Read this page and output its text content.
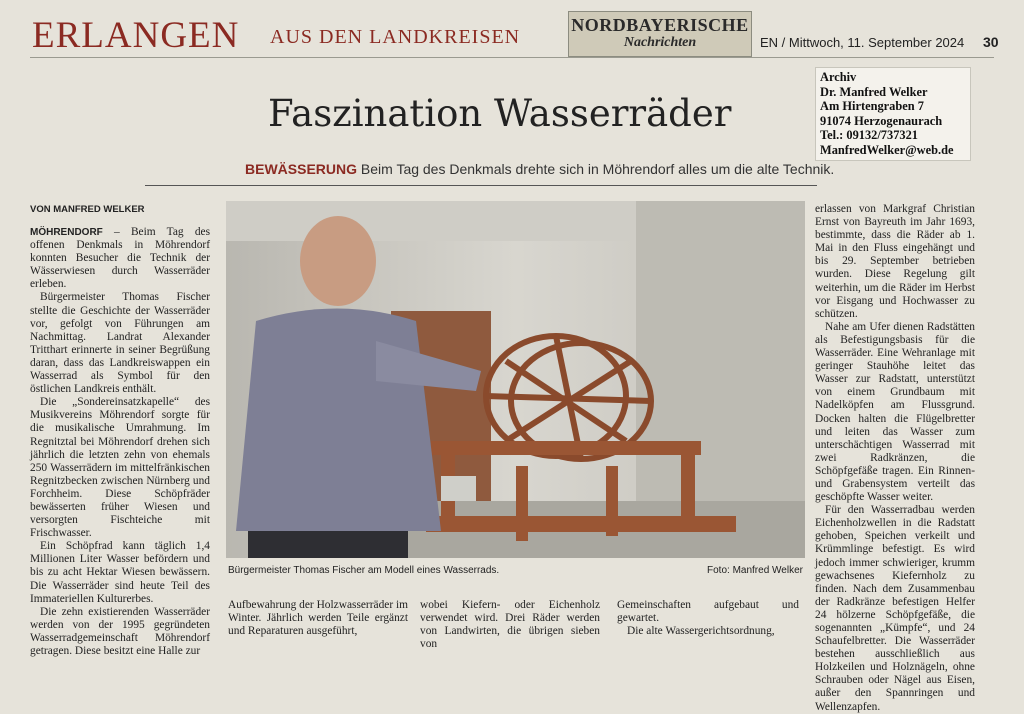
ERLANGEN AUS DEN LANDKREISEN
NORDBAYERISCHE
Nachrichten	EN / Mittwoch, 11. September 2024 30
Archiv
Dr. Manfred Welker
Am Hirtengraben 7
91074 Herzogenaurach
Tel.: 09132/737321
ManfredWelker@web.de
Faszination Wasserräder
BEWÄSSERUNG Beim Tag des Denkmals drehte sich in Möhrendorf alles um die alte Technik.
VON MANFRED WELKER

MÖHRENDORF – Beim Tag des offenen Denkmals in Möhrendorf konnten Besucher die Technik der Wässerwiesen durch Wasserräder erleben.

Bürgermeister Thomas Fischer stellte die Geschichte der Wasserräder vor, gefolgt von Führungen am Nachmittag. Landrat Alexander Tritthart erinnerte in seiner Begrüßung daran, dass das Landkreiswappen ein Wasserrad als Symbol für den östlichen Landkreis enthält.

Die „Sondereinsatzkapelle“ des Musikvereins Möhrendorf sorgte für die musikalische Umrahmung. Im Regnitztal bei Möhrendorf drehen sich jährlich die letzten zehn von ehemals 250 Wasserrädern im mittelfränkischen Regnitzbecken zwischen Nürnberg und Forchheim. Diese Schöpfräder bewässerten früher Wiesen und versorgten Fischteiche mit Frischwasser.

Ein Schöpfrad kann täglich 1,4 Millionen Liter Wasser befördern und bis zu acht Hektar Wiesen bewässern. Die Wasserräder sind heute Teil des Immateriellen Kulturerbes.

Die zehn existierenden Wasserräder werden von der 1995 gegründeten Wasserradgemeinschaft Möhrendorf getragen. Diese besitzt eine Halle zur

Bürgermeister Thomas Fischer am Modell eines Wasserrads.	Foto: Manfred Welker

Aufbewahrung der Holzwasserräder im Winter. Jährlich werden Teile ergänzt und Reparaturen ausgeführt,

wobei Kiefern- oder Eichenholz verwendet wird. Drei Räder werden von Landwirten, die übrigen sieben von

Gemeinschaften aufgebaut und gewartet.

Die alte Wassergerichtsordnung,

erlassen von Markgraf Christian Ernst von Bayreuth im Jahr 1693, bestimmte, dass die Räder ab 1. Mai in den Fluss eingehängt und bis 29. September betrieben wurden. Diese Regelung gilt weiterhin, um die Räder im Herbst vor Eisgang und Hochwasser zu schützen.

Nahe am Ufer dienen Radstätten als Befestigungsbasis für die Wasserräder. Eine Wehranlage mit geringer Stauhöhe leitet das Wasser zur Radstatt, unterstützt von einem Grundbaum mit Nadelköpfen am Flussgrund. Docken halten die Flügelbretter und leiten das Wasser zum unterschächtigen Wasserrad mit zwei Radkränzen, die Schöpfgefäße tragen. Ein Rinnen- und Grabensystem verteilt das geschöpfte Wasser weiter.

Für den Wasserradbau werden Eichenholzwellen in die Radstatt gehoben, Speichen verkeilt und Krümmlinge befestigt. Es wird jedoch immer schwieriger, krumm gewachsenes Kiefernholz zu finden. Nach dem Zusammenbau der Radkränze befestigen Helfer 24 hölzerne Schöpfgefäße, die sogenannten „Kümpfe“, und 24 Schaufelbretter. Die Wasserräder bestehen ausschließlich aus Holzkeilen und Holznägeln, ohne Schrauben oder Nägel aus Eisen, außer den Spannringen und Wellenzapfen.
